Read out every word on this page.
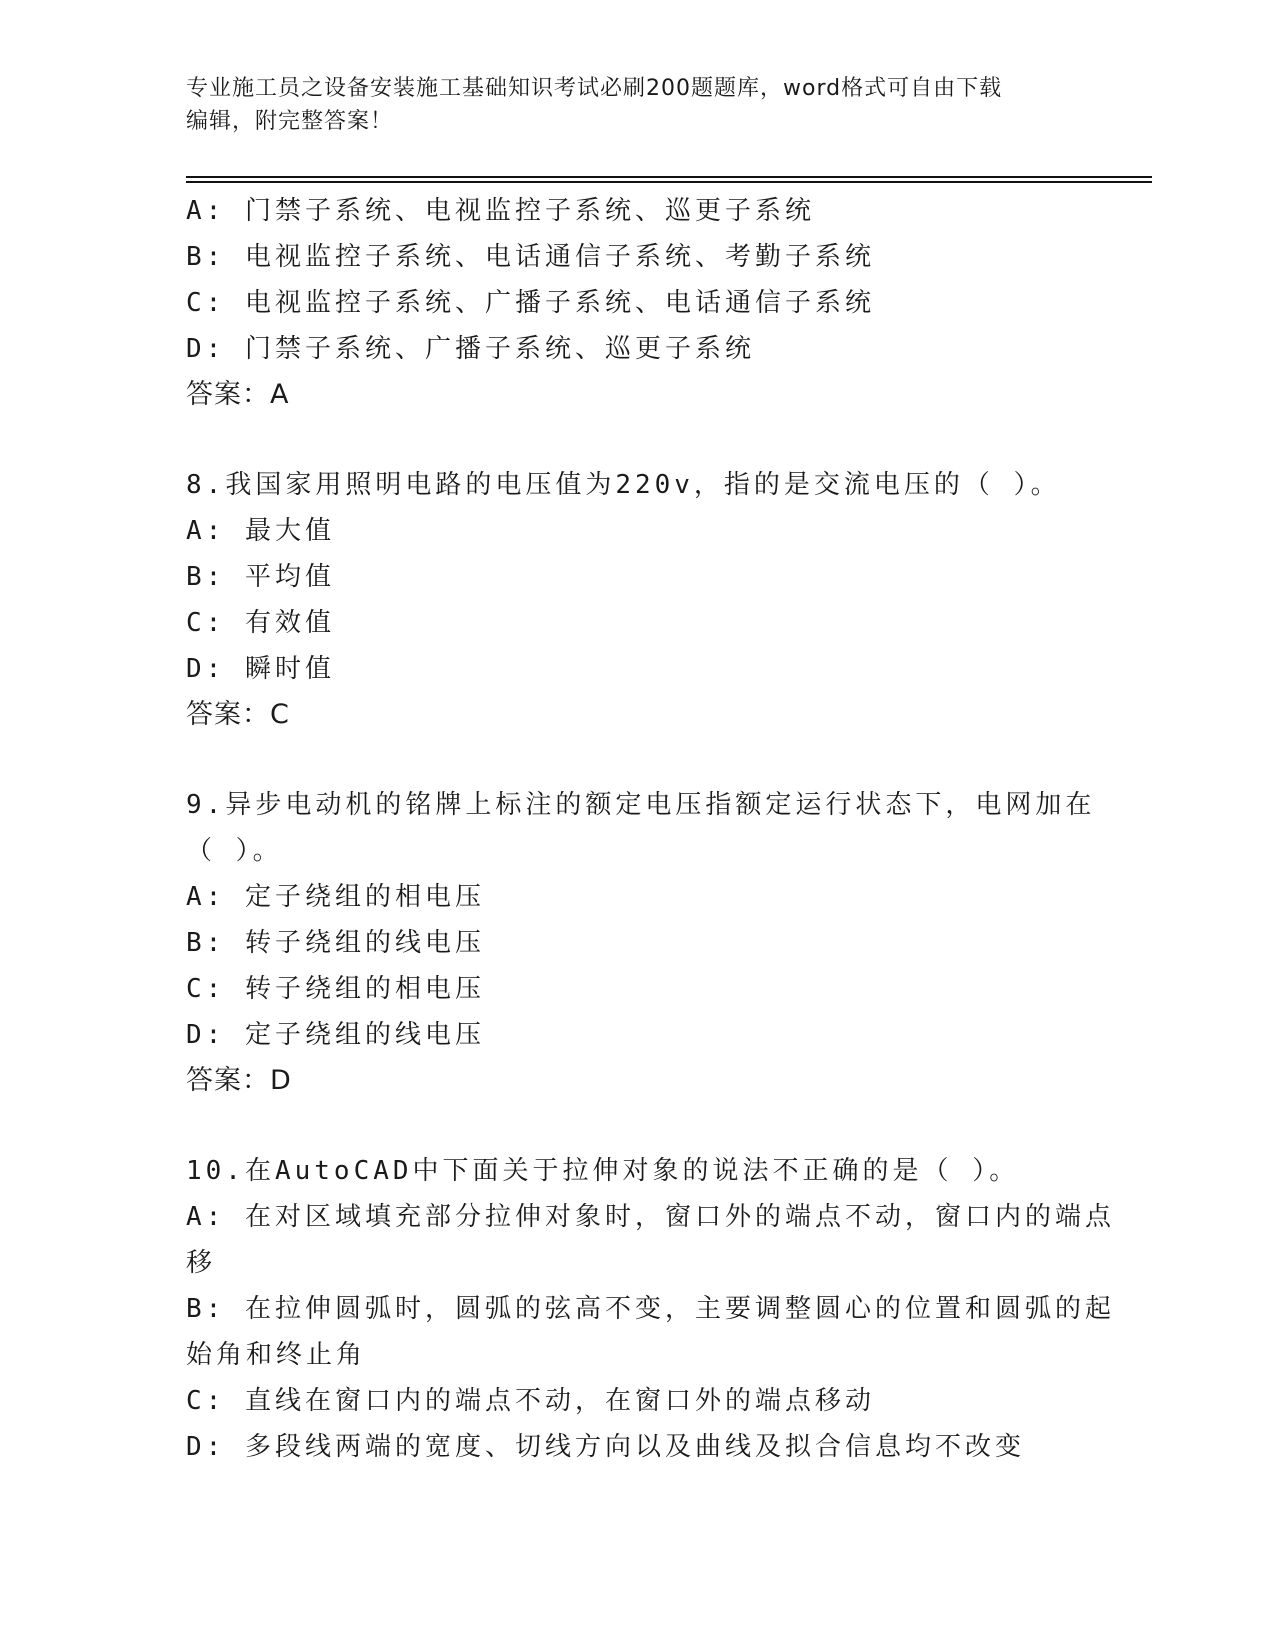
专业施工员之设备安装施工基础知识考试必刷200题题库，word格式可自由下载
编辑，附完整答案！
A: 门禁子系统、电视监控子系统、巡更子系统
B: 电视监控子系统、电话通信子系统、考勤子系统
C: 电视监控子系统、广播子系统、电话通信子系统
D: 门禁子系统、广播子系统、巡更子系统
答案：A
8.我国家用照明电路的电压值为220v，指的是交流电压的（ ）。
A: 最大值
B: 平均值
C: 有效值
D: 瞬时值
答案：C
9.异步电动机的铭牌上标注的额定电压指额定运行状态下，电网加在
（ ）。
A: 定子绕组的相电压
B: 转子绕组的线电压
C: 转子绕组的相电压
D: 定子绕组的线电压
答案：D
10.在AutoCAD中下面关于拉伸对象的说法不正确的是（ ）。
A: 在对区域填充部分拉伸对象时，窗口外的端点不动，窗口内的端点
移
B: 在拉伸圆弧时，圆弧的弦高不变，主要调整圆心的位置和圆弧的起
始角和终止角
C: 直线在窗口内的端点不动，在窗口外的端点移动
D: 多段线两端的宽度、切线方向以及曲线及拟合信息均不改变
